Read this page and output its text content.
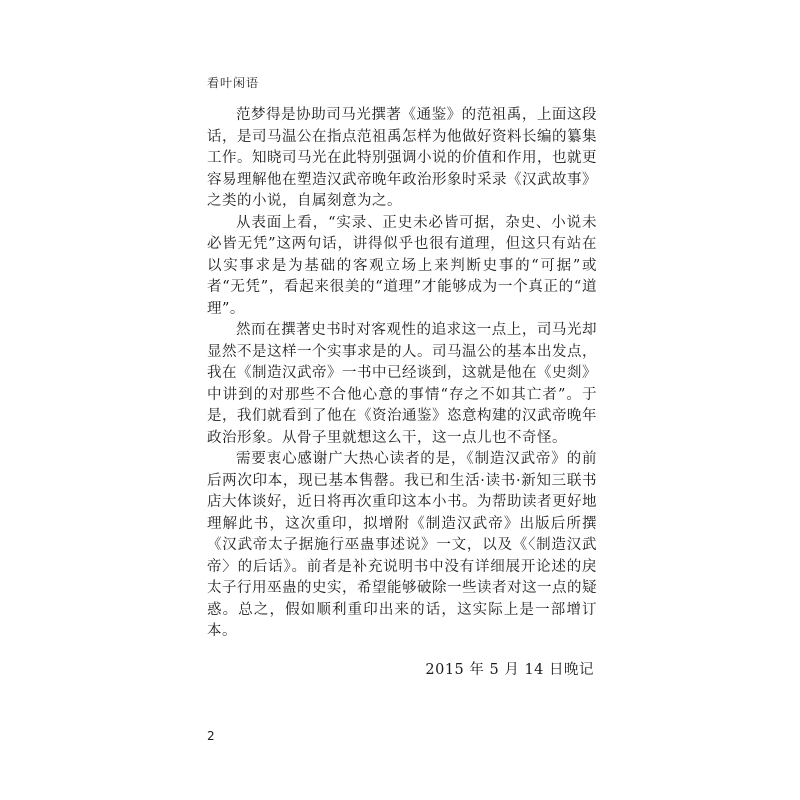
看叶闲语

范梦得是协助司马光撰著《通鉴》的范祖禹，上面这段话，是司马温公在指点范祖禹怎样为他做好资料长编的纂集工作。知晓司马光在此特别强调小说的价值和作用，也就更容易理解他在塑造汉武帝晚年政治形象时采录《汉武故事》之类的小说，自属刻意为之。

从表面上看，“实录、正史未必皆可据，杂史、小说未必皆无凭”这两句话，讲得似乎也很有道理，但这只有站在以实事求是为基础的客观立场上来判断史事的“可据”或者“无凭”，看起来很美的“道理”才能够成为一个真正的“道理”。

然而在撰著史书时对客观性的追求这一点上，司马光却显然不是这样一个实事求是的人。司马温公的基本出发点，我在《制造汉武帝》一书中已经谈到，这就是他在《史剡》中讲到的对那些不合他心意的事情“存之不如其亡者”。于是，我们就看到了他在《资治通鉴》恣意构建的汉武帝晚年政治形象。从骨子里就想这么干，这一点儿也不奇怪。

需要衷心感谢广大热心读者的是，《制造汉武帝》的前后两次印本，现已基本售罄。我已和生活·读书·新知三联书店大体谈好，近日将再次重印这本小书。为帮助读者更好地理解此书，这次重印，拟增附《制造汉武帝》出版后所撰《汉武帝太子据施行巫蛊事述说》一文，以及《〈制造汉武帝〉的后话》。前者是补充说明书中没有详细展开论述的戾太子行用巫蛊的史实，希望能够破除一些读者对这一点的疑惑。总之，假如顺利重印出来的话，这实际上是一部增订本。

2015 年 5 月 14 日晚记
2
